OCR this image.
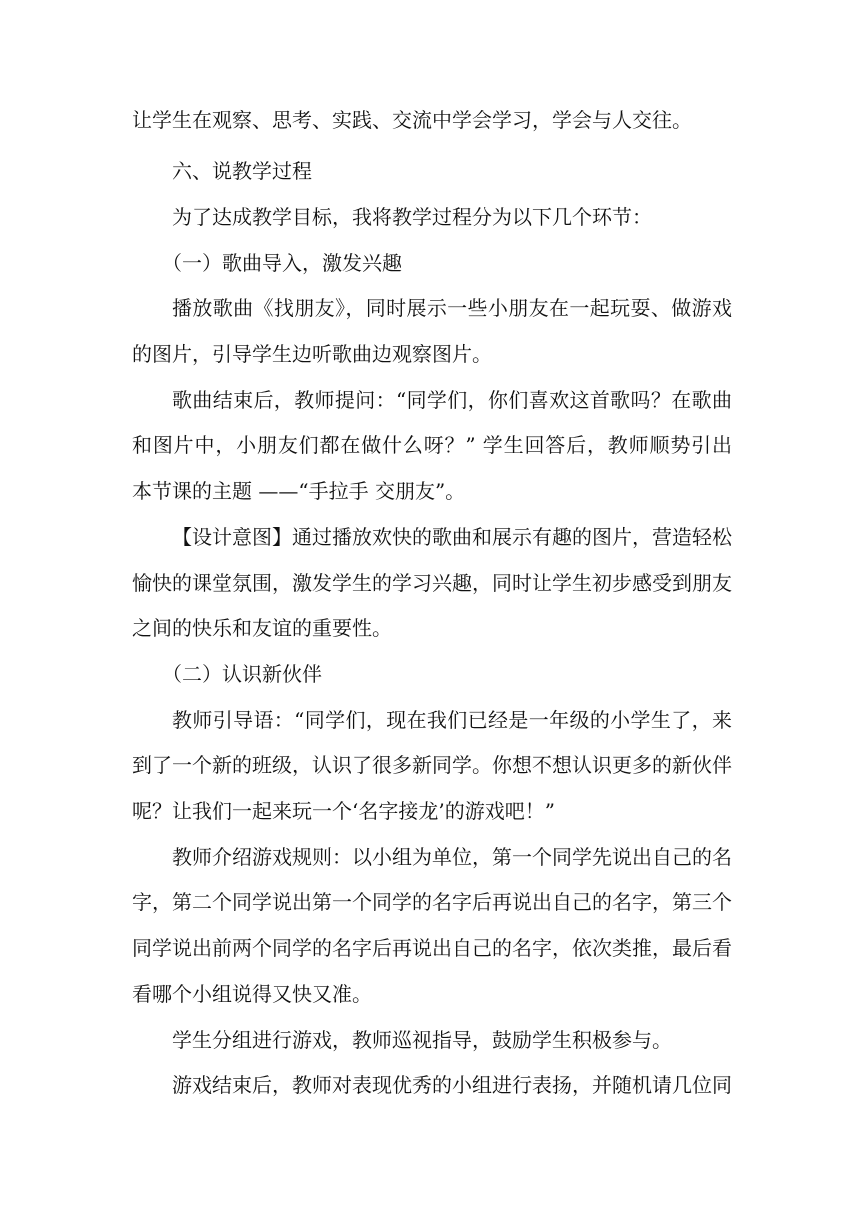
让学生在观察、思考、实践、交流中学会学习，学会与人交往。

六、说教学过程

为了达成教学目标，我将教学过程分为以下几个环节：

（一）歌曲导入，激发兴趣

播放歌曲《找朋友》，同时展示一些小朋友在一起玩耍、做游戏

的图片，引导学生边听歌曲边观察图片。

歌曲结束后，教师提问：“同学们，你们喜欢这首歌吗？在歌曲

和图片中，小朋友们都在做什么呀？” 学生回答后，教师顺势引出

本节课的主题 ——“手拉手 交朋友”。

【设计意图】通过播放欢快的歌曲和展示有趣的图片，营造轻松

愉快的课堂氛围，激发学生的学习兴趣，同时让学生初步感受到朋友

之间的快乐和友谊的重要性。

（二）认识新伙伴

教师引导语：“同学们，现在我们已经是一年级的小学生了，来

到了一个新的班级，认识了很多新同学。你想不想认识更多的新伙伴

呢？让我们一起来玩一个‘名字接龙’的游戏吧！”

教师介绍游戏规则：以小组为单位，第一个同学先说出自己的名

字，第二个同学说出第一个同学的名字后再说出自己的名字，第三个

同学说出前两个同学的名字后再说出自己的名字，依次类推，最后看

看哪个小组说得又快又准。

学生分组进行游戏，教师巡视指导，鼓励学生积极参与。

游戏结束后，教师对表现优秀的小组进行表扬，并随机请几位同
